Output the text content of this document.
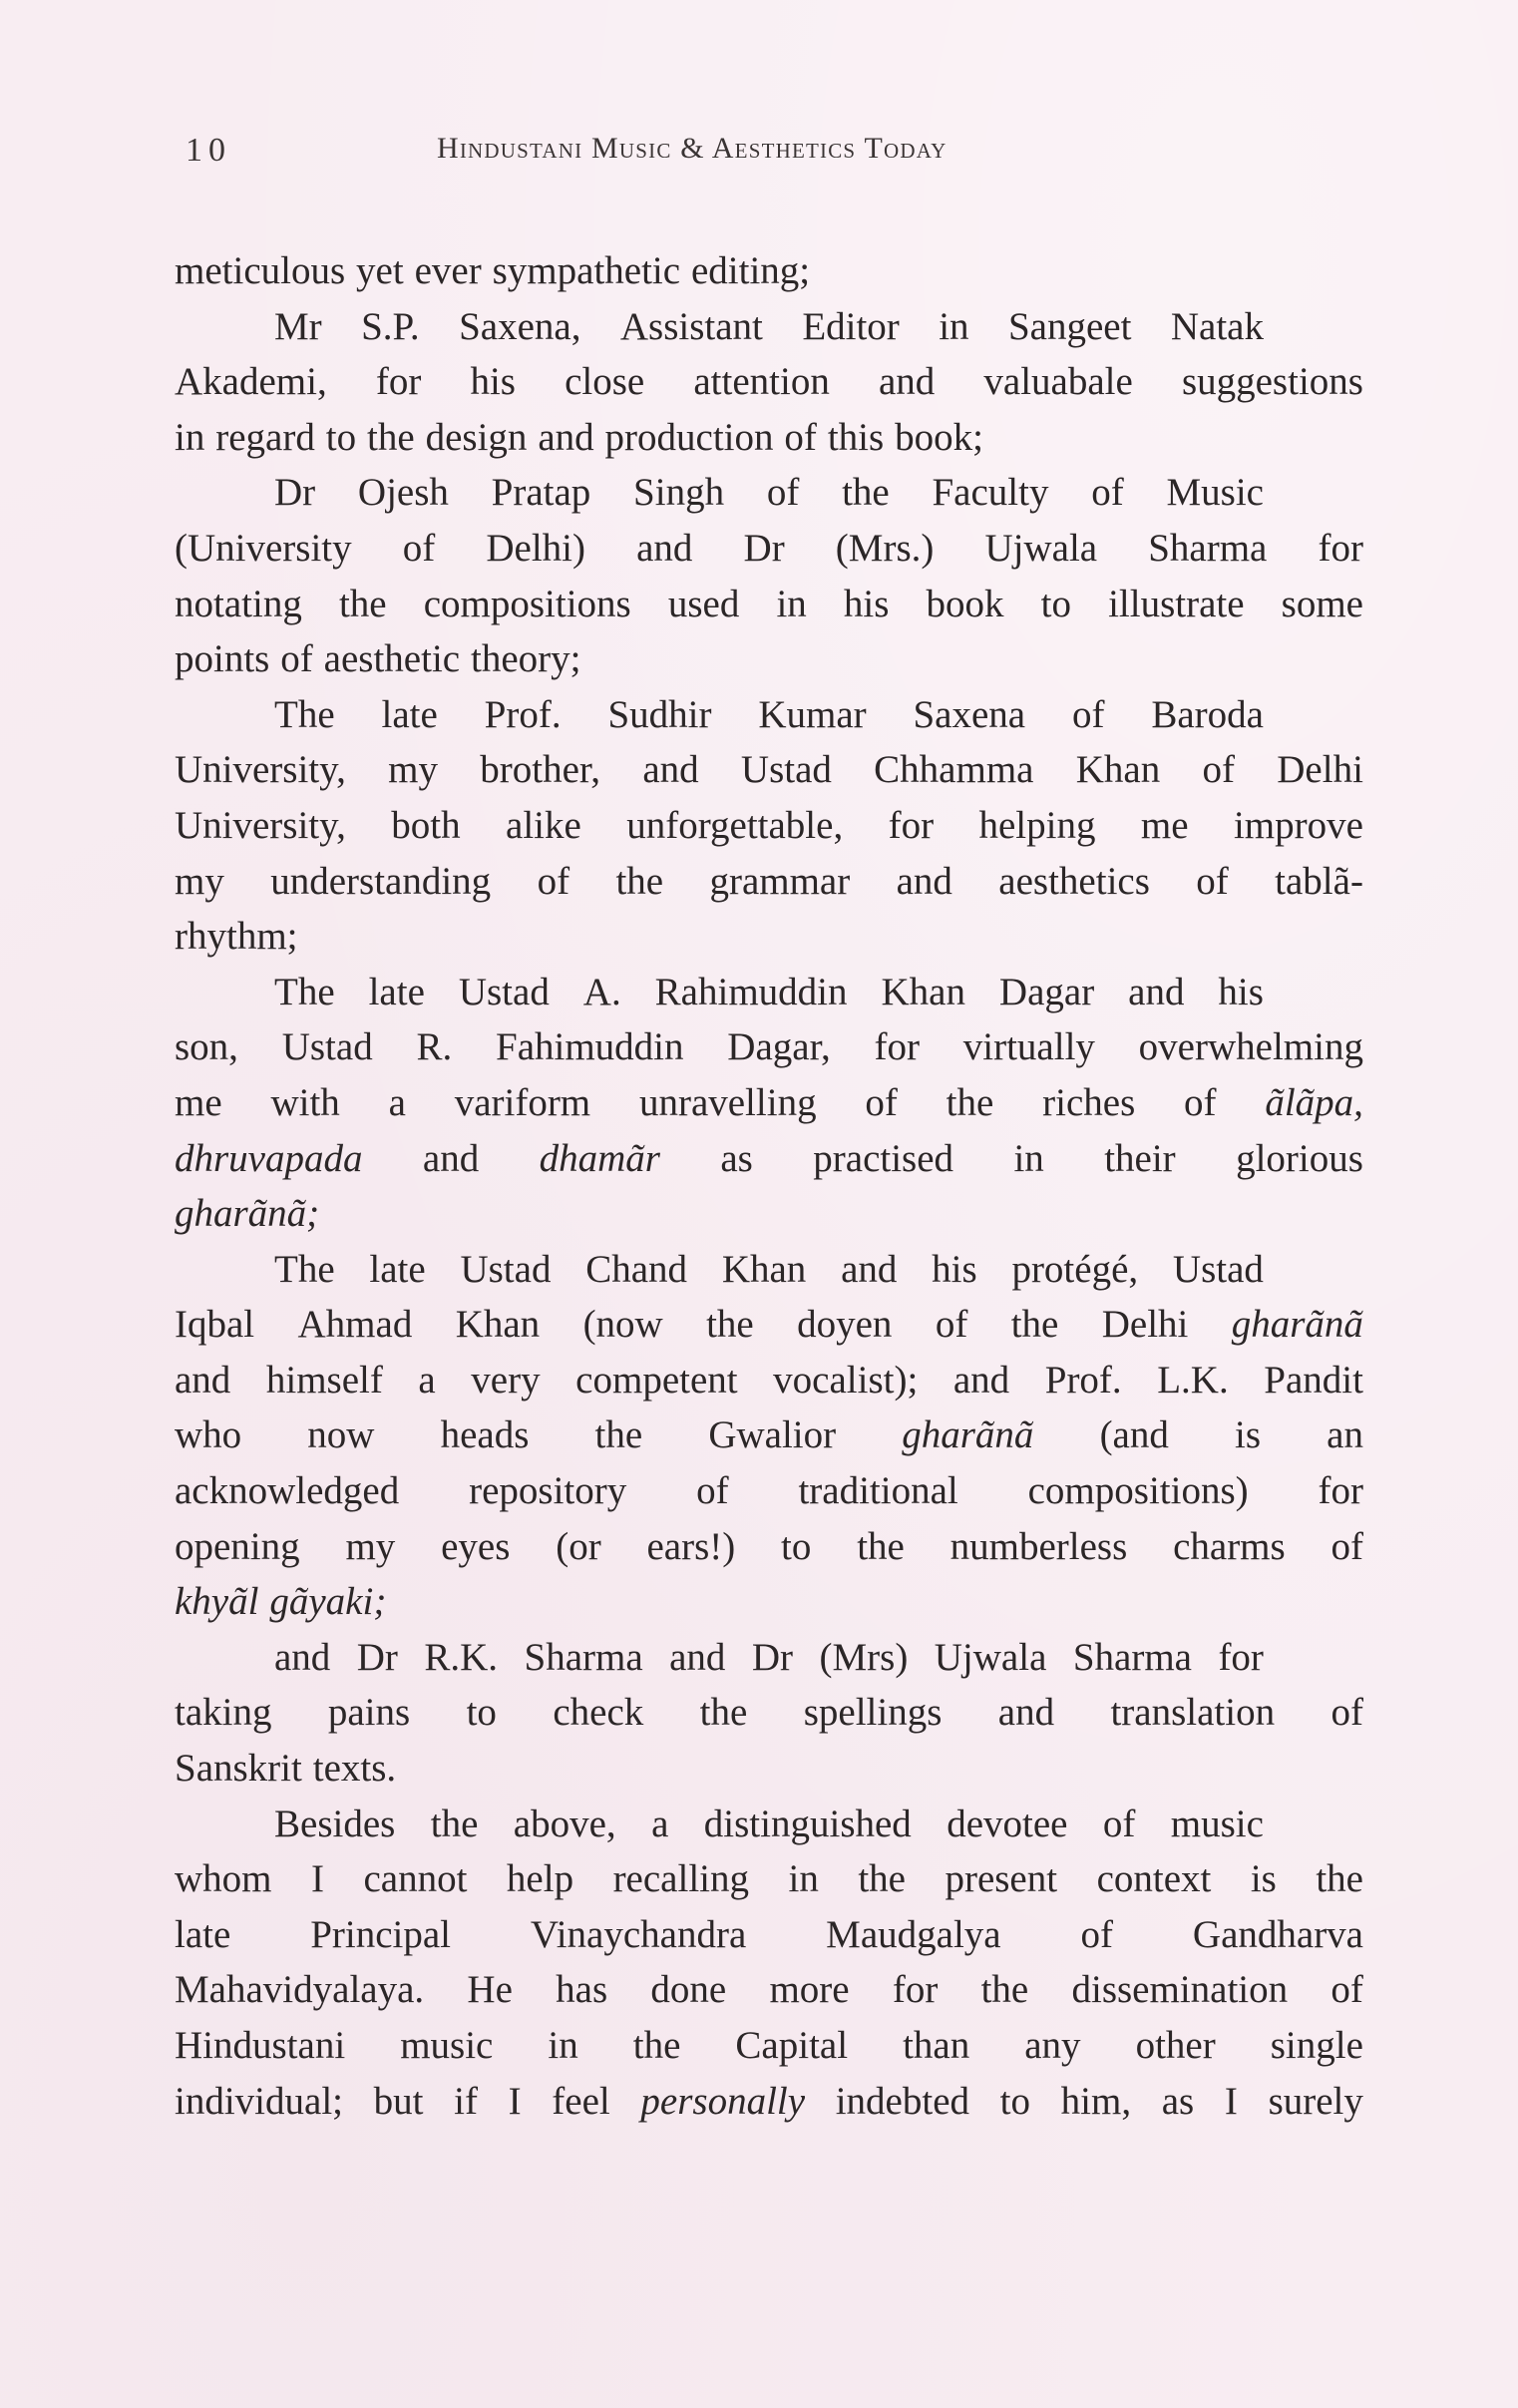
10	Hindustani Music & Aesthetics Today
meticulous yet ever sympathetic editing;
Mr S.P. Saxena, Assistant Editor in Sangeet Natak
Akademi, for his close attention and valuabale suggestions
in regard to the design and production of this book;
Dr Ojesh Pratap Singh of the Faculty of Music
(University of Delhi) and Dr (Mrs.) Ujwala Sharma for
notating the compositions used in his book to illustrate some
points of aesthetic theory;
The late Prof. Sudhir Kumar Saxena of Baroda
University, my brother, and Ustad Chhamma Khan of Delhi
University, both alike unforgettable, for helping me improve
my understanding of the grammar and aesthetics of tablã-
rhythm;
The late Ustad A. Rahimuddin Khan Dagar and his
son, Ustad R. Fahimuddin Dagar, for virtually overwhelming
me with a variform unravelling of the riches of ãlãpa,
dhruvapada and dhamãr as practised in their glorious
gharãnã;
The late Ustad Chand Khan and his protégé, Ustad
Iqbal Ahmad Khan (now the doyen of the Delhi gharãnã
and himself a very competent vocalist); and Prof. L.K. Pandit
who now heads the Gwalior gharãnã (and is an
acknowledged repository of traditional compositions) for
opening my eyes (or ears!) to the numberless charms of
khyãl gãyaki;
and Dr R.K. Sharma and Dr (Mrs) Ujwala Sharma for
taking pains to check the spellings and translation of
Sanskrit texts.
Besides the above, a distinguished devotee of music
whom I cannot help recalling in the present context is the
late Principal Vinaychandra Maudgalya of Gandharva
Mahavidyalaya. He has done more for the dissemination of
Hindustani music in the Capital than any other single
individual; but if I feel personally indebted to him, as I surely
